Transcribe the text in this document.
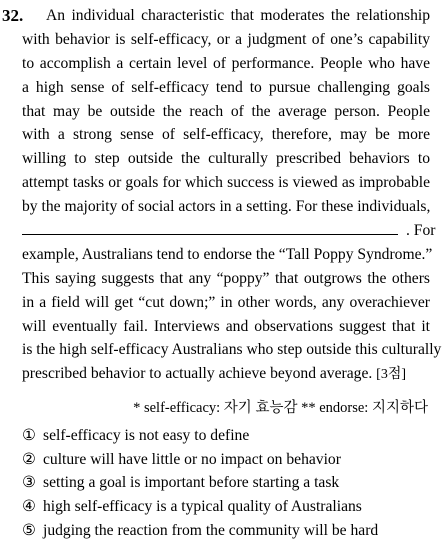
32. An individual characteristic that moderates the relationship
with behavior is self-efficacy, or a judgment of one’s capability
to accomplish a certain level of performance. People who have
a high sense of self-efficacy tend to pursue challenging goals
that may be outside the reach of the average person. People
with a strong sense of self-efficacy, therefore, may be more
willing to step outside the culturally prescribed behaviors to
attempt tasks or goals for which success is viewed as improbable
by the majority of social actors in a setting. For these individuals,
. For
example, Australians tend to endorse the “Tall Poppy Syndrome.”
This saying suggests that any “poppy” that outgrows the others
in a field will get “cut down;” in other words, any overachiever
will eventually fail. Interviews and observations suggest that it
is the high self-efficacy Australians who step outside this culturally
prescribed behavior to actually achieve beyond average. [3점]
* self-efficacy: 자기 효능감 ** endorse: 지지하다
① self-efficacy is not easy to define
② culture will have little or no impact on behavior
③ setting a goal is important before starting a task
④ high self-efficacy is a typical quality of Australians
⑤ judging the reaction from the community will be hard
